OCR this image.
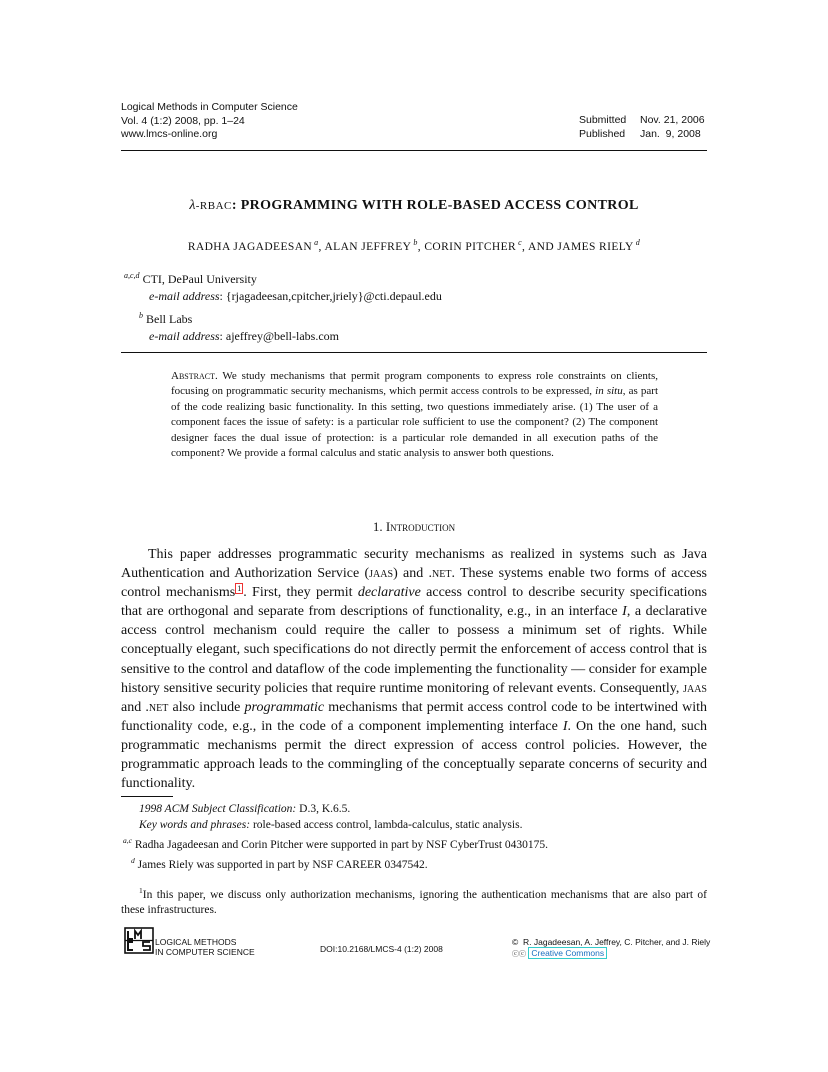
Logical Methods in Computer Science
Vol. 4 (1:2) 2008, pp. 1–24
www.lmcs-online.org
Submitted	Nov. 21, 2006
Published	Jan.  9, 2008
λ-RBAC: PROGRAMMING WITH ROLE-BASED ACCESS CONTROL
RADHA JAGADEESAN $^a$, ALAN JEFFREY $^b$, CORIN PITCHER $^c$, AND JAMES RIELY $^d$
$^{a,c,d}$ CTI, DePaul University
e-mail address: {rjagadeesan,cpitcher,jriely}@cti.depaul.edu
$^b$ Bell Labs
e-mail address: ajeffrey@bell-labs.com
Abstract. We study mechanisms that permit program components to express role constraints on clients, focusing on programmatic security mechanisms, which permit access controls to be expressed, in situ, as part of the code realizing basic functionality. In this setting, two questions immediately arise. (1) The user of a component faces the issue of safety: is a particular role sufficient to use the component? (2) The component designer faces the dual issue of protection: is a particular role demanded in all execution paths of the component? We provide a formal calculus and static analysis to answer both questions.
1. Introduction
This paper addresses programmatic security mechanisms as realized in systems such as Java Authentication and Authorization Service (jaas) and .net. These systems enable two forms of access control mechanisms $^1$ . First, they permit declarative access control to describe security specifications that are orthogonal and separate from descriptions of functionality, e.g., in an interface I, a declarative access control mechanism could require the caller to possess a minimum set of rights. While conceptually elegant, such specifications do not directly permit the enforcement of access control that is sensitive to the control and dataflow of the code implementing the functionality — consider for example history sensitive security policies that require runtime monitoring of relevant events. Consequently, jaas and .net also include programmatic mechanisms that permit access control code to be intertwined with functionality code, e.g., in the code of a component implementing interface I. On the one hand, such programmatic mechanisms permit the direct expression of access control policies. However, the programmatic approach leads to the commingling of the conceptually separate concerns of security and functionality.
1998 ACM Subject Classification: D.3, K.6.5.
Key words and phrases: role-based access control, lambda-calculus, static analysis.
$^{a,c}$ Radha Jagadeesan and Corin Pitcher were supported in part by NSF CyberTrust 0430175.
$^d$ James Riely was supported in part by NSF CAREER 0347542.
$^1$In this paper, we discuss only authorization mechanisms, ignoring the authentication mechanisms that are also part of these infrastructures.
LOGICAL METHODS
IN COMPUTER SCIENCE	DOI:10.2168/LMCS-4 (1:2) 2008
© R. Jagadeesan, A. Jeffrey, C. Pitcher, and J. Riely
ⓒⓒ Creative Commons
